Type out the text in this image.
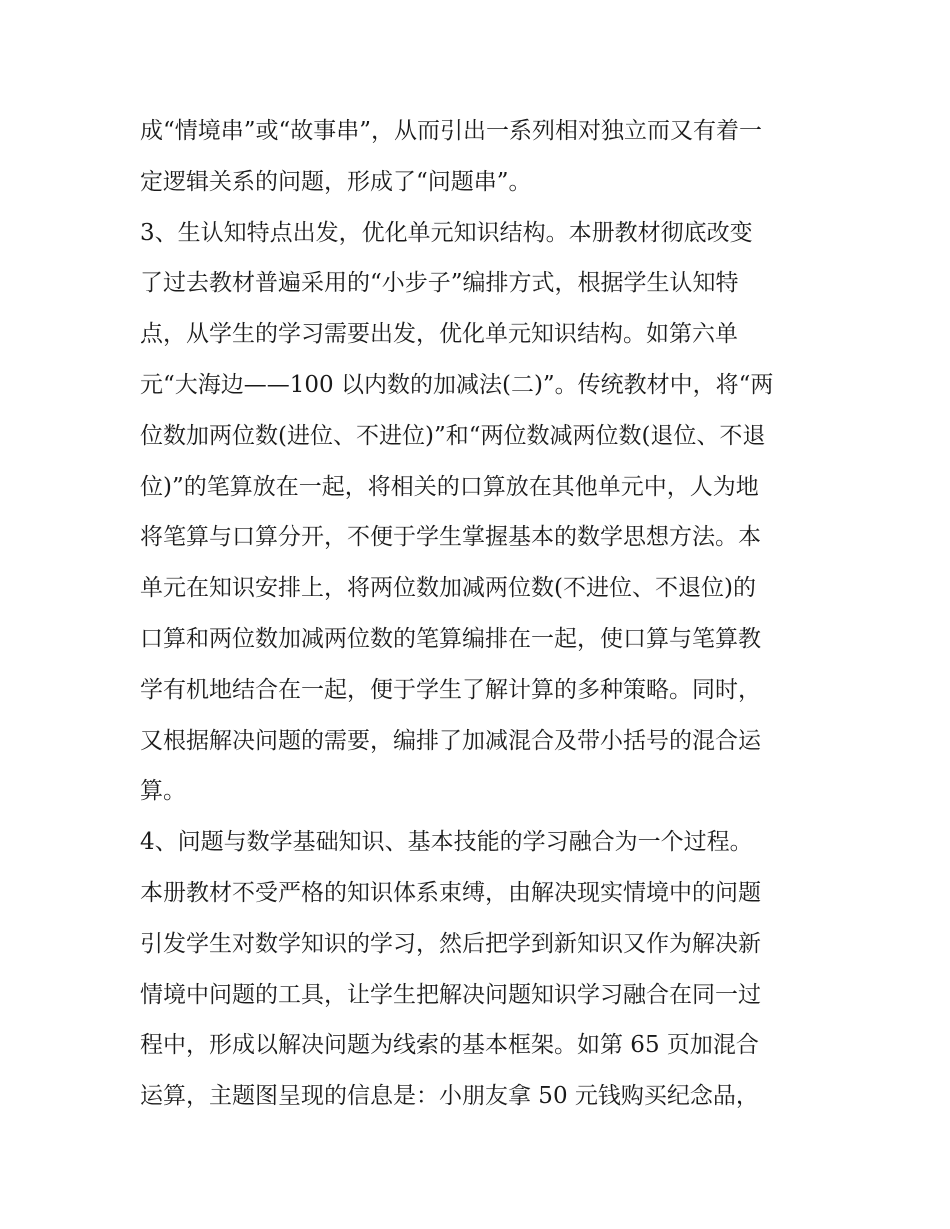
成“情境串”或“故事串”，从而引出一系列相对独立而又有着一
定逻辑关系的问题，形成了“问题串”。
3、生认知特点出发，优化单元知识结构。本册教材彻底改变
了过去教材普遍采用的“小步子”编排方式，根据学生认知特
点，从学生的学习需要出发，优化单元知识结构。如第六单
元“大海边——100 以内数的加减法(二)”。传统教材中，将“两
位数加两位数(进位、不进位)”和“两位数减两位数(退位、不退
位)”的笔算放在一起，将相关的口算放在其他单元中，人为地
将笔算与口算分开，不便于学生掌握基本的数学思想方法。本
单元在知识安排上，将两位数加减两位数(不进位、不退位)的
口算和两位数加减两位数的笔算编排在一起，使口算与笔算教
学有机地结合在一起，便于学生了解计算的多种策略。同时，
又根据解决问题的需要，编排了加减混合及带小括号的混合运
算。
4、问题与数学基础知识、基本技能的学习融合为一个过程。
本册教材不受严格的知识体系束缚，由解决现实情境中的问题
引发学生对数学知识的学习，然后把学到新知识又作为解决新
情境中问题的工具，让学生把解决问题知识学习融合在同一过
程中，形成以解决问题为线索的基本框架。如第 65 页加混合
运算，主题图呈现的信息是：小朋友拿 50 元钱购买纪念品，
